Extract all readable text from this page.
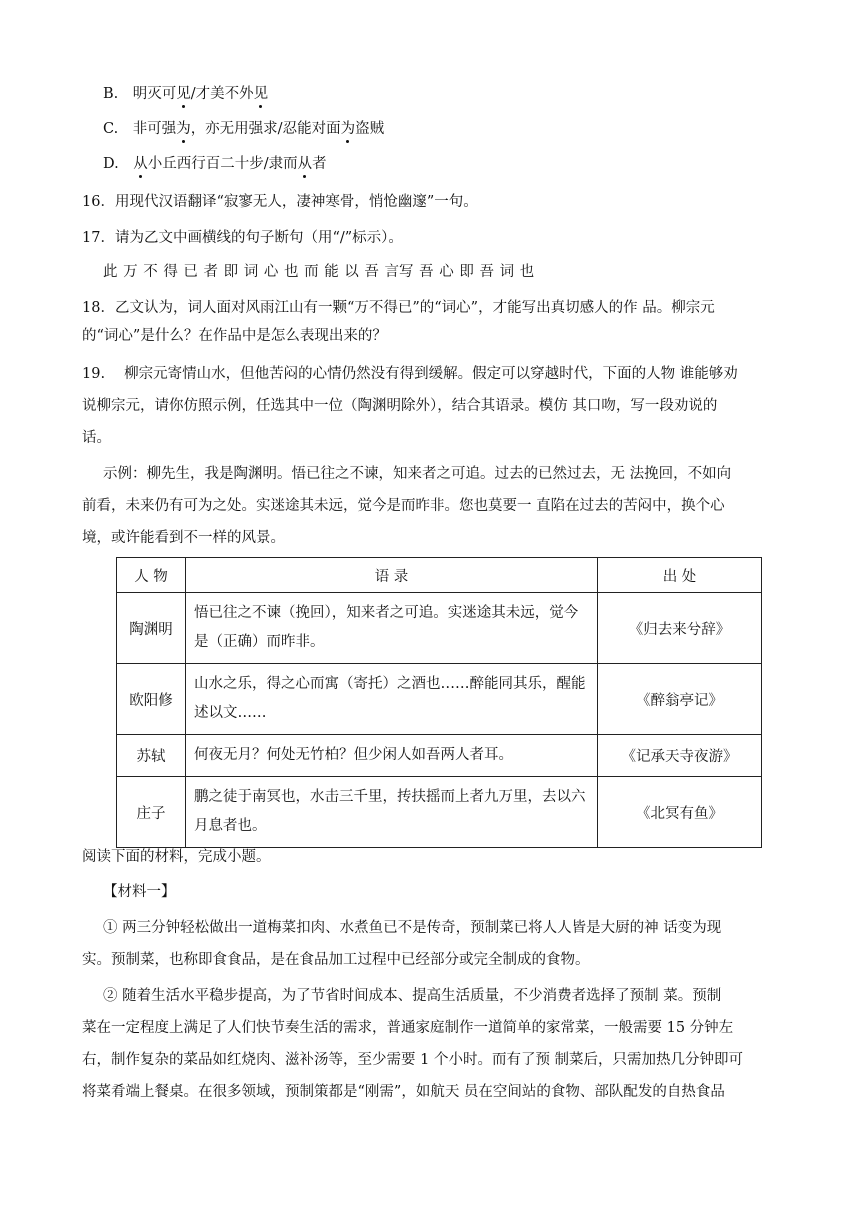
B.  明灭可见/才美不外见
C.  非可强为，亦无用强求/忍能对面为盗贼
D.  从小丘西行百二十步/隶而从者
16．用现代汉语翻译“寂寥无人，凄神寒骨，悄怆幽邃”一句。
17．请为乙文中画横线的句子断句（用“/”标示）。
此 万 不 得 已 者 即 词 心 也 而 能 以 吾 言写 吾 心 即 吾 词 也
18．乙文认为，词人面对风雨江山有一颗“万不得已”的“词心”，才能写出真切感人的作 品。柳宗元
的“词心”是什么？在作品中是怎么表现出来的？
19.　 柳宗元寄情山水，但他苦闷的心情仍然没有得到缓解。假定可以穿越时代，下面的人物 谁能够劝
说柳宗元，请你仿照示例，任选其中一位（陶渊明除外），结合其语录。模仿 其口吻，写一段劝说的
话。
示例：柳先生，我是陶渊明。悟已往之不谏，知来者之可追。过去的已然过去，无 法挽回，不如向
前看，未来仍有可为之处。实迷途其未远，觉今是而昨非。您也莫要一 直陷在过去的苦闷中，换个心
境，或许能看到不一样的风景。
人 物	语 录	出 处
陶渊明	悟已往之不谏（挽回），知来者之可追。实迷途其未远，觉今是（正确）而昨非。	《归去来兮辞》
欧阳修	山水之乐，得之心而寓（寄托）之酒也……醉能同其乐，醒能述以文……	《醉翁亭记》
苏轼	何夜无月？何处无竹柏？但少闲人如吾两人者耳。	《记承天寺夜游》
庄子	鹏之徒于南冥也，水击三千里，抟扶摇而上者九万里，去以六月息者也。	《北冥有鱼》
阅读下面的材料，完成小题。
【材料一】
① 两三分钟轻松做出一道梅菜扣肉、水煮鱼已不是传奇，预制菜已将人人皆是大厨的神 话变为现
实。预制菜，也称即食食品，是在食品加工过程中已经部分或完全制成的食物。
② 随着生活水平稳步提高，为了节省时间成本、提高生活质量，不少消费者选择了预制 菜。预制
菜在一定程度上满足了人们快节奏生活的需求，普通家庭制作一道简单的家常菜，一般需要 15 分钟左
右，制作复杂的菜品如红烧肉、滋补汤等，至少需要 1 个小时。而有了预 制菜后，只需加热几分钟即可
将菜肴端上餐桌。在很多领域，预制策都是“刚需”，如航天 员在空间站的食物、部队配发的自热食品
